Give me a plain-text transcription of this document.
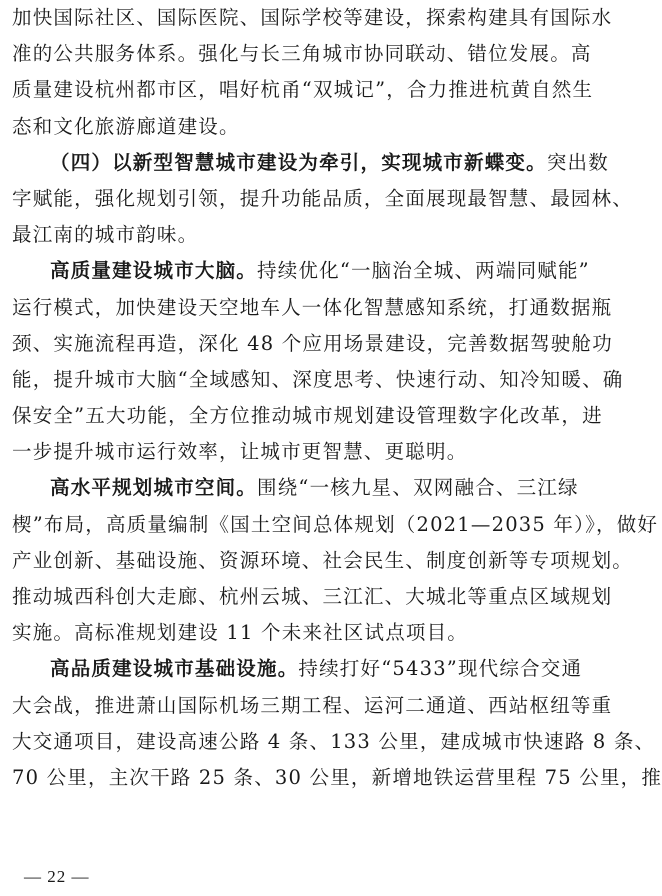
加快国际社区、国际医院、国际学校等建设，探索构建具有国际水
准的公共服务体系。强化与长三角城市协同联动、错位发展。高
质量建设杭州都市区，唱好杭甬“双城记”，合力推进杭黄自然生
态和文化旅游廊道建设。
（四）以新型智慧城市建设为牵引，实现城市新蝶变。突出数
字赋能，强化规划引领，提升功能品质，全面展现最智慧、最园林、
最江南的城市韵味。
高质量建设城市大脑。持续优化“一脑治全城、两端同赋能”
运行模式，加快建设天空地车人一体化智慧感知系统，打通数据瓶
颈、实施流程再造，深化 48 个应用场景建设，完善数据驾驶舱功
能，提升城市大脑“全域感知、深度思考、快速行动、知冷知暖、确
保安全”五大功能，全方位推动城市规划建设管理数字化改革，进
一步提升城市运行效率，让城市更智慧、更聪明。
高水平规划城市空间。围绕“一核九星、双网融合、三江绿
楔”布局，高质量编制《国土空间总体规划（2021—2035 年）》，做好
产业创新、基础设施、资源环境、社会民生、制度创新等专项规划。
推动城西科创大走廊、杭州云城、三江汇、大城北等重点区域规划
实施。高标准规划建设 11 个未来社区试点项目。
高品质建设城市基础设施。持续打好“5433”现代综合交通
大会战，推进萧山国际机场三期工程、运河二通道、西站枢纽等重
大交通项目，建设高速公路 4 条、133 公里，建成城市快速路 8 条、
70 公里，主次干路 25 条、30 公里，新增地铁运营里程 75 公里，推
— 22 —
